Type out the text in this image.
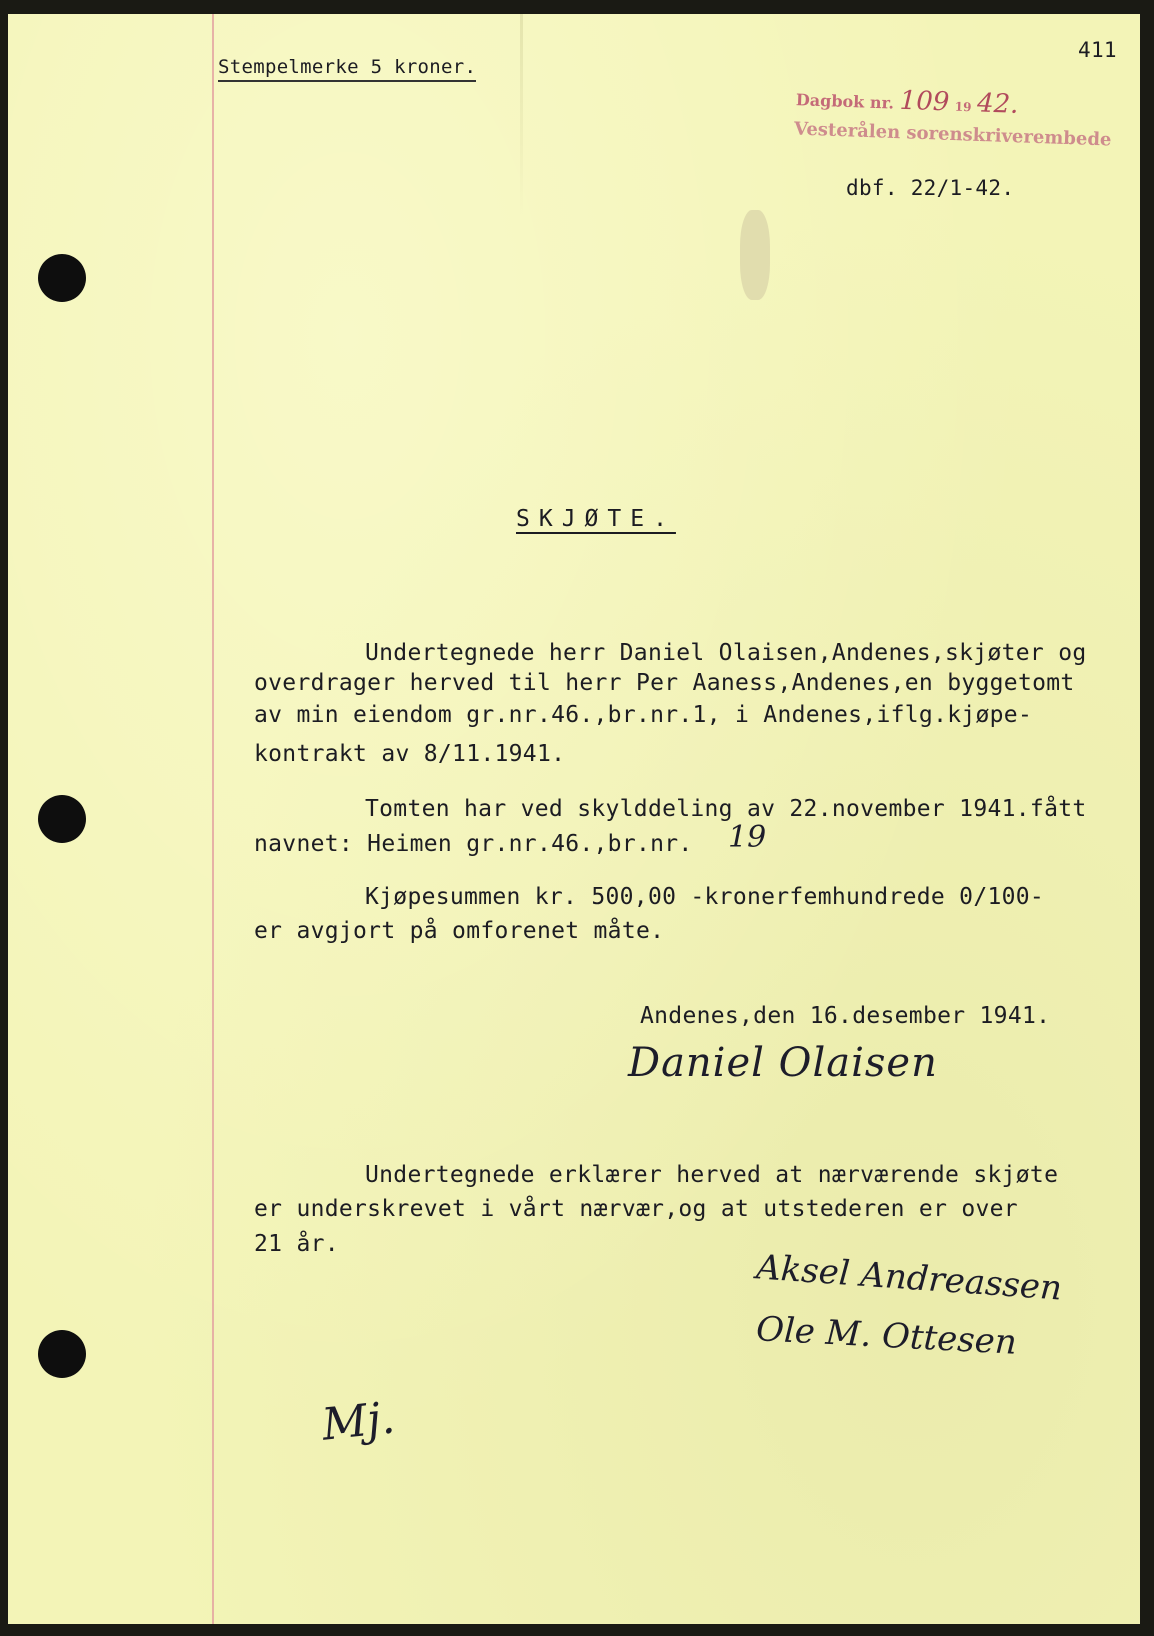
Stempelmerke 5 kroner.
411
Dagbok nr. 109 19 42.
Vesterålen sorenskriverembede
dbf. 22/1-42.
SKJØTE.
Undertegnede herr Daniel Olaisen,Andenes,skjøter og
overdrager herved til herr Per Aaness,Andenes,en byggetomt
av min eiendom gr.nr.46.,br.nr.1, i Andenes,iflg.kjøpe-
kontrakt av 8/11.1941.
Tomten har ved skylddeling av 22.november 1941.fått
navnet: Heimen gr.nr.46.,br.nr. 19
Kjøpesummen kr. 500,00 -kronerfemhundrede 0/100-
er avgjort på omforenet måte.
Andenes,den 16.desember 1941.
Daniel Olaisen
Undertegnede erklærer herved at nærværende skjøte
er underskrevet i vårt nærvær,og at utstederen er over
21 år.
Aksel Andreassen
Ole M. Ottesen
Mj.
